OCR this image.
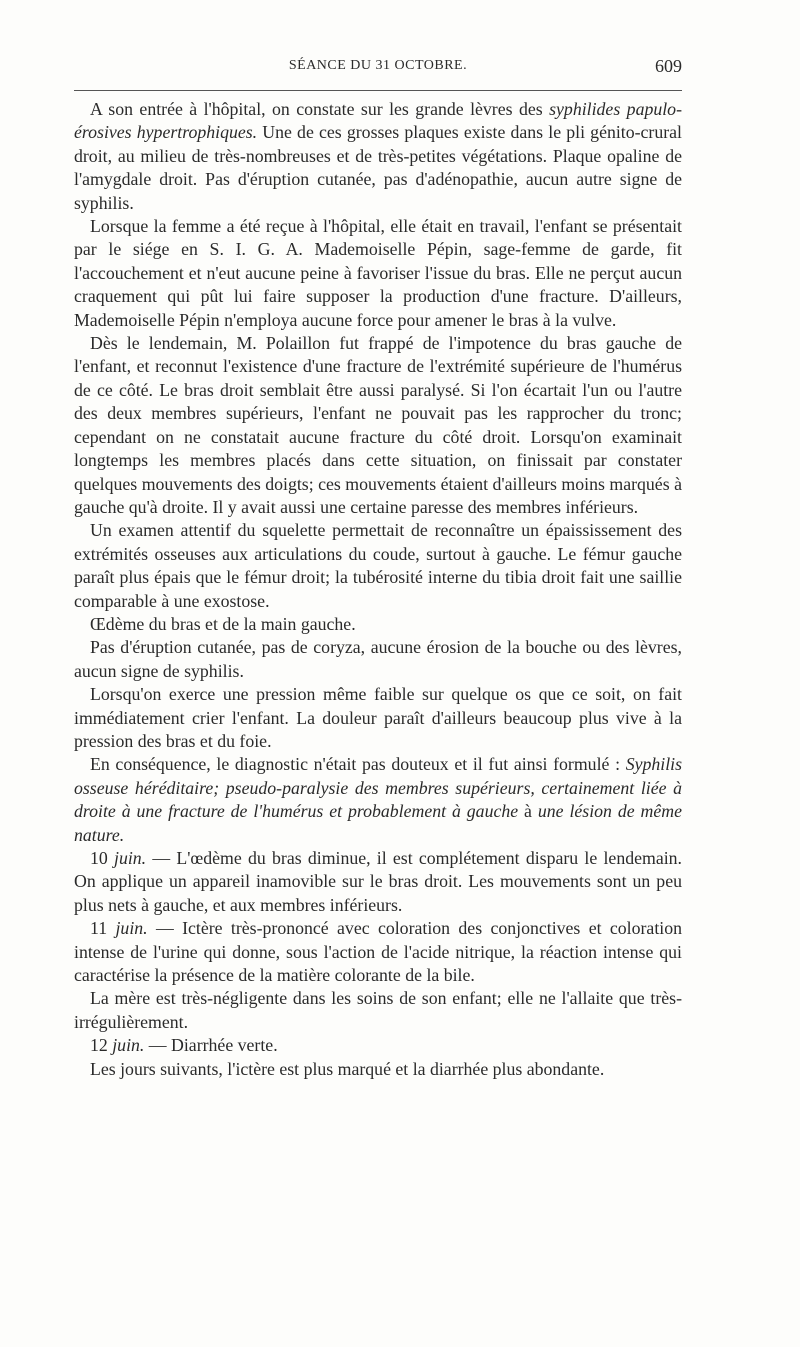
SÉANCE DU 31 OCTOBRE.	609

A son entrée à l'hôpital, on constate sur les grande lèvres des syphilides papulo-érosives hypertrophiques. Une de ces grosses plaques existe dans le pli génito-crural droit, au milieu de très-nombreuses et de très-petites végétations. Plaque opaline de l'amygdale droit. Pas d'éruption cutanée, pas d'adénopathie, aucun autre signe de syphilis.

Lorsque la femme a été reçue à l'hôpital, elle était en travail, l'enfant se présentait par le siége en S. I. G. A. Mademoiselle Pépin, sage-femme de garde, fit l'accouchement et n'eut aucune peine à favoriser l'issue du bras. Elle ne perçut aucun craquement qui pût lui faire supposer la production d'une fracture. D'ailleurs, Mademoiselle Pépin n'employa aucune force pour amener le bras à la vulve.

Dès le lendemain, M. Polaillon fut frappé de l'impotence du bras gauche de l'enfant, et reconnut l'existence d'une fracture de l'extrémité supérieure de l'humérus de ce côté. Le bras droit semblait être aussi paralysé. Si l'on écartait l'un ou l'autre des deux membres supérieurs, l'enfant ne pouvait pas les rapprocher du tronc; cependant on ne constatait aucune fracture du côté droit. Lorsqu'on examinait longtemps les membres placés dans cette situation, on finissait par constater quelques mouvements des doigts; ces mouvements étaient d'ailleurs moins marqués à gauche qu'à droite. Il y avait aussi une certaine paresse des membres inférieurs.

Un examen attentif du squelette permettait de reconnaître un épaississement des extrémités osseuses aux articulations du coude, surtout à gauche. Le fémur gauche paraît plus épais que le fémur droit; la tubérosité interne du tibia droit fait une saillie comparable à une exostose.

Œdème du bras et de la main gauche.

Pas d'éruption cutanée, pas de coryza, aucune érosion de la bouche ou des lèvres, aucun signe de syphilis.

Lorsqu'on exerce une pression même faible sur quelque os que ce soit, on fait immédiatement crier l'enfant. La douleur paraît d'ailleurs beaucoup plus vive à la pression des bras et du foie.

En conséquence, le diagnostic n'était pas douteux et il fut ainsi formulé : Syphilis osseuse héréditaire; pseudo-paralysie des membres supérieurs, certainement liée à droite à une fracture de l'humérus et probablement à gauche à une lésion de même nature.

10 juin. — L'œdème du bras diminue, il est complétement disparu le lendemain. On applique un appareil inamovible sur le bras droit. Les mouvements sont un peu plus nets à gauche, et aux membres inférieurs.

11 juin. — Ictère très-prononcé avec coloration des conjonctives et coloration intense de l'urine qui donne, sous l'action de l'acide nitrique, la réaction intense qui caractérise la présence de la matière colorante de la bile.

La mère est très-négligente dans les soins de son enfant; elle ne l'allaite que très-irrégulièrement.

12 juin. — Diarrhée verte.

Les jours suivants, l'ictère est plus marqué et la diarrhée plus abondante.
